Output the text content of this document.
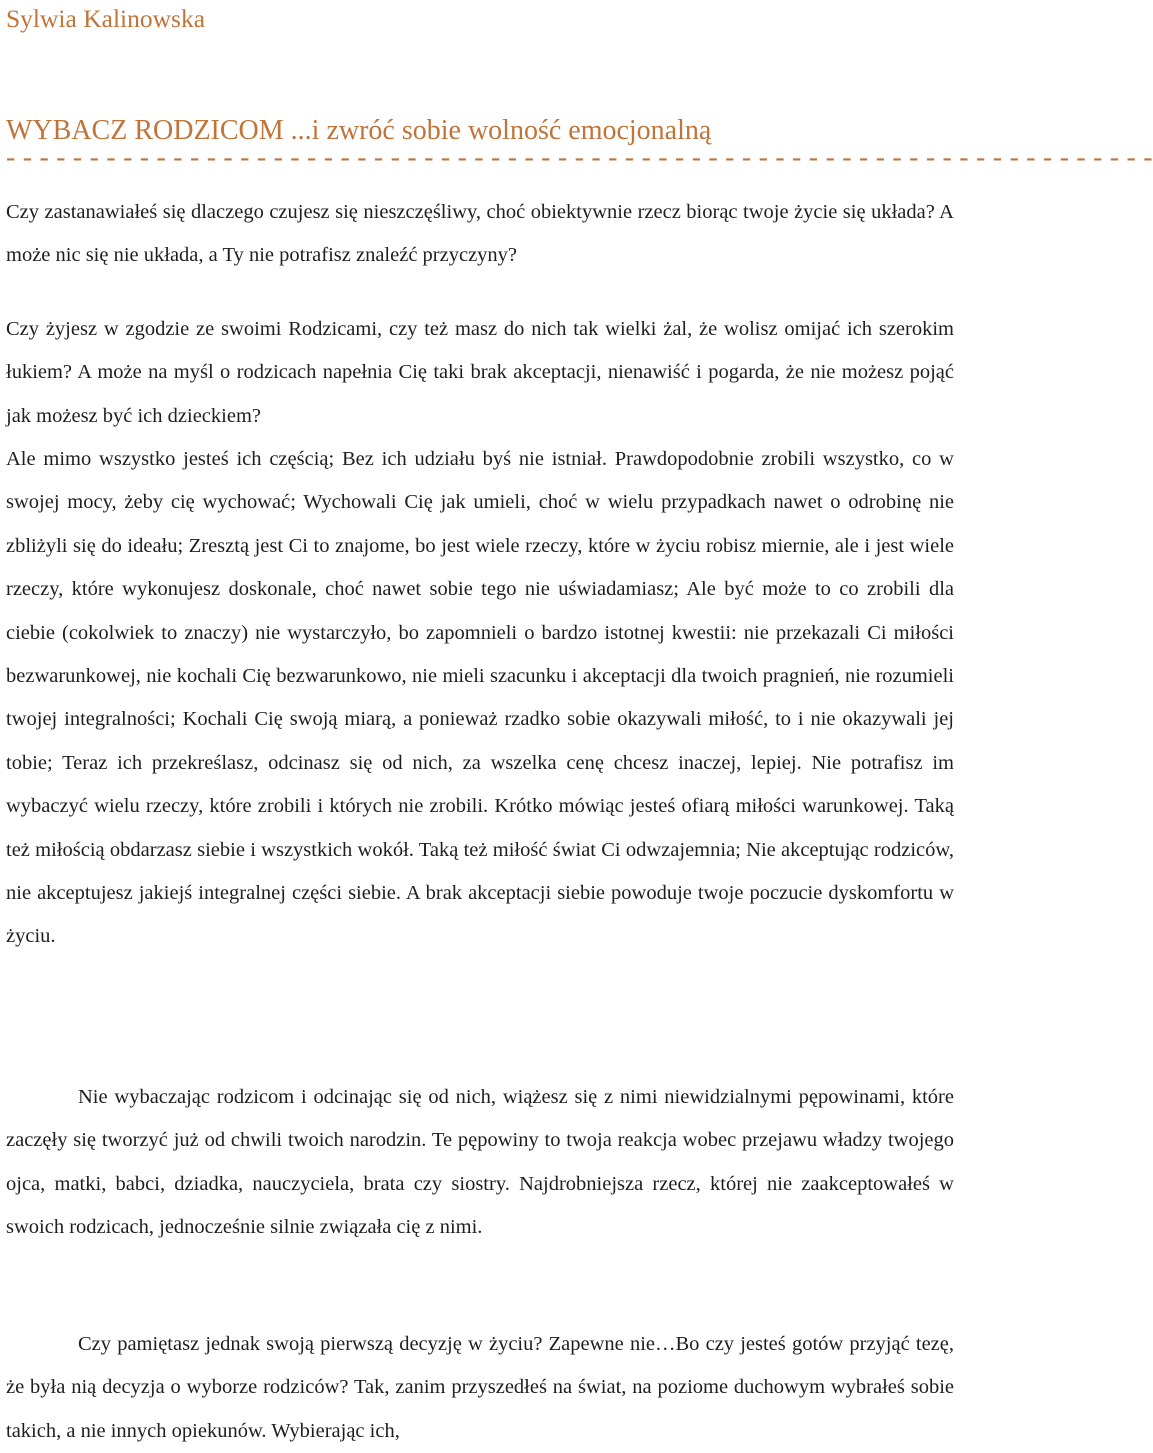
Sylwia Kalinowska
WYBACZ RODZICOM ...i zwróć sobie wolność emocjonalną
- - - - - - - - - - - - - - - - - - - - - - - - - - - - - - - - - - - - - - - - - - - - - - - - - - - - - - - - - - - - - - - - - - - - -

Czy zastanawiałeś się dlaczego czujesz się nieszczęśliwy, choć obiektywnie rzecz biorąc twoje życie się układa? A może nic się nie układa, a Ty nie potrafisz znaleźć przyczyny?

Czy żyjesz w zgodzie ze swoimi Rodzicami, czy też masz do nich tak wielki żal, że wolisz omijać ich szerokim łukiem? A może na myśl o rodzicach napełnia Cię taki brak akceptacji, nienawiść i pogarda, że nie możesz pojąć jak możesz być ich dzieckiem?

Ale mimo wszystko jesteś ich częścią; Bez ich udziału byś nie istniał. Prawdopodobnie zrobili wszystko, co w swojej mocy, żeby cię wychować; Wychowali Cię jak umieli, choć w wielu przypadkach nawet o odrobinę nie zbliżyli się do ideału; Zresztą jest Ci to znajome, bo jest wiele rzeczy, które w życiu robisz miernie, ale i jest wiele rzeczy, które wykonujesz doskonale, choć nawet sobie tego nie uświadamiasz; Ale być może to co zrobili dla ciebie (cokolwiek to znaczy) nie wystarczyło, bo zapomnieli o bardzo istotnej kwestii: nie przekazali Ci miłości bezwarunkowej, nie kochali Cię bezwarunkowo, nie mieli szacunku i akceptacji dla twoich pragnień, nie rozumieli twojej integralności; Kochali Cię swoją miarą, a ponieważ rzadko sobie okazywali miłość, to i nie okazywali jej tobie; Teraz ich przekreślasz, odcinasz się od nich, za wszelka cenę chcesz inaczej, lepiej. Nie potrafisz im wybaczyć wielu rzeczy, które zrobili i których nie zrobili. Krótko mówiąc jesteś ofiarą miłości warunkowej. Taką też miłością obdarzasz siebie i wszystkich wokół. Taką też miłość świat Ci odwzajemnia; Nie akceptując rodziców, nie akceptujesz jakiejś integralnej części siebie. A brak akceptacji siebie powoduje twoje poczucie dyskomfortu w życiu.

Nie wybaczając rodzicom i odcinając się od nich, wiążesz się z nimi niewidzialnymi pępowinami, które zaczęły się tworzyć już od chwili twoich narodzin. Te pępowiny to twoja reakcja wobec przejawu władzy twojego ojca, matki, babci, dziadka, nauczyciela, brata czy siostry. Najdrobniejsza rzecz, której nie zaakceptowałeś w swoich rodzicach, jednocześnie silnie związała cię z nimi.

Czy pamiętasz jednak swoją pierwszą decyzję w życiu? Zapewne nie…Bo czy jesteś gotów przyjąć tezę, że była nią decyzja o wyborze rodziców? Tak, zanim przyszedłeś na świat, na poziome duchowym wybrałeś sobie takich, a nie innych opiekunów. Wybierając ich,
